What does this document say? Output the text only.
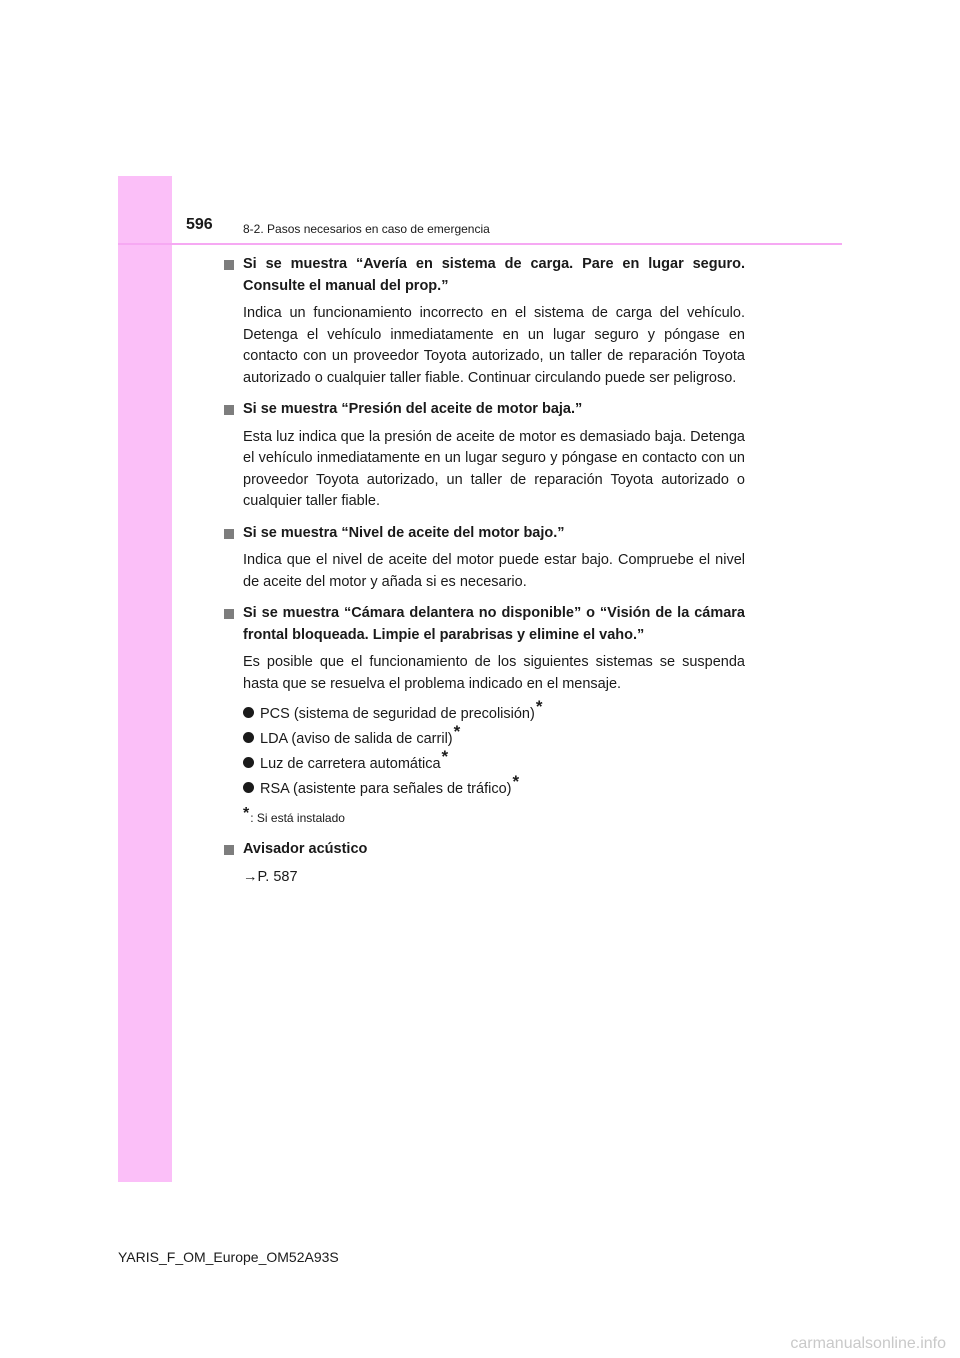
596	8-2. Pasos necesarios en caso de emergencia

Si se muestra “Avería en sistema de carga. Pare en lugar seguro. Consulte el manual del prop.”

Indica un funcionamiento incorrecto en el sistema de carga del vehículo. Detenga el vehículo inmediatamente en un lugar seguro y póngase en contacto con un proveedor Toyota autorizado, un taller de reparación Toyota autorizado o cualquier taller fiable. Continuar circulando puede ser peligroso.

Si se muestra “Presión del aceite de motor baja.”

Esta luz indica que la presión de aceite de motor es demasiado baja. Detenga el vehículo inmediatamente en un lugar seguro y póngase en contacto con un proveedor Toyota autorizado, un taller de reparación Toyota autorizado o cualquier taller fiable.

Si se muestra “Nivel de aceite del motor bajo.”

Indica que el nivel de aceite del motor puede estar bajo. Compruebe el nivel de aceite del motor y añada si es necesario.

Si se muestra “Cámara delantera no disponible” o “Visión de la cámara frontal bloqueada. Limpie el parabrisas y elimine el vaho.”

Es posible que el funcionamiento de los siguientes sistemas se suspenda hasta que se resuelva el problema indicado en el mensaje.

PCS (sistema de seguridad de precolisión)*
LDA (aviso de salida de carril)*
Luz de carretera automática*
RSA (asistente para señales de tráfico)*

*: Si está instalado

Avisador acústico

→P. 587

YARIS_F_OM_Europe_OM52A93S
carmanualsonline.info
